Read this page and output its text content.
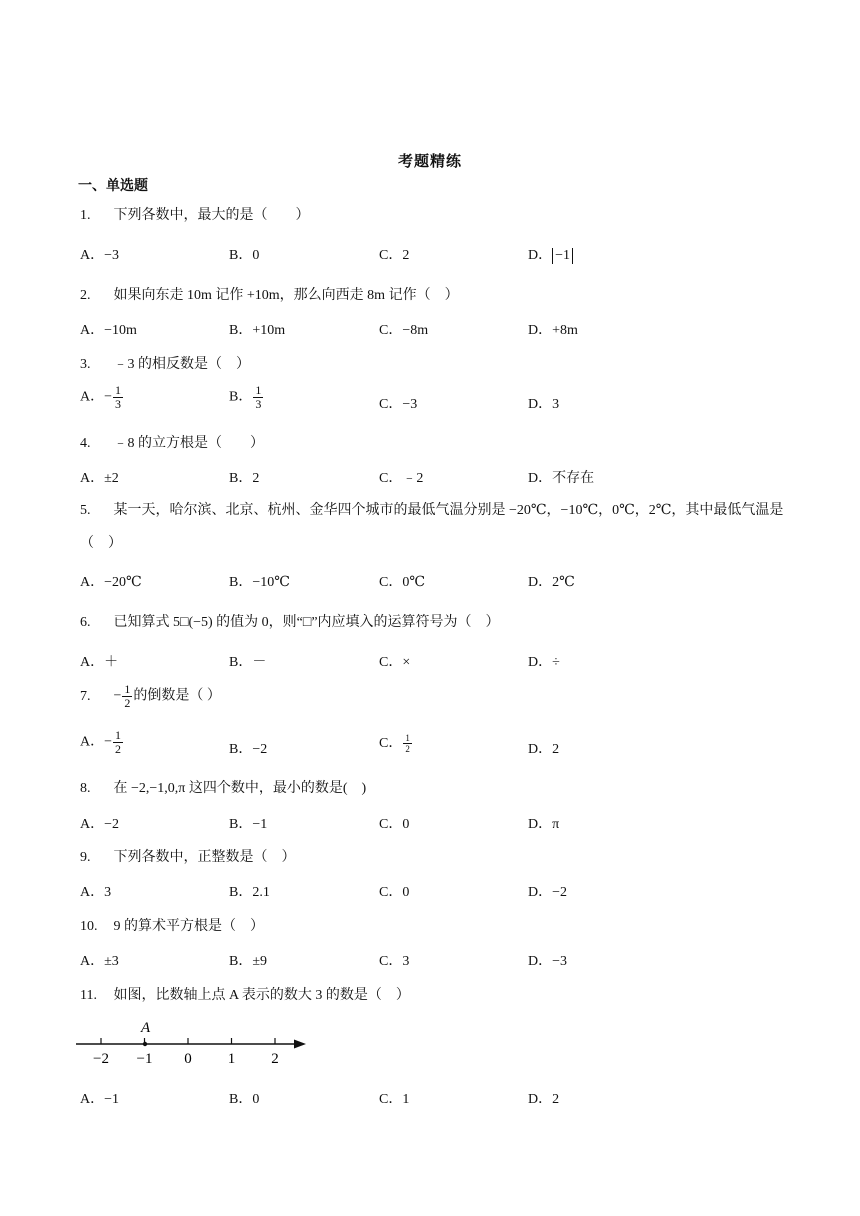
考题精练
一、单选题
1. 下列各数中，最大的是（　　）
A．−3	B．0	C．2	D． −1
2. 如果向东走 10m 记作 +10m，那么向西走 8m 记作（　）
A．−10m	B．+10m	C．−8m	D．+8m
3. ﹣3 的相反数是（　）
A．− $\frac{1}{3}$	B． $\frac{1}{3}$	C．−3	D．3
4. ﹣8 的立方根是（　　）
A．±2	B．2	C．﹣2	D．不存在
5. 某一天，哈尔滨、北京、杭州、金华四个城市的最低气温分别是 −20℃，−10℃，0℃，2℃，其中最低气温是（　）
A．−20℃	B．−10℃	C．0℃	D．2℃
6. 已知算式 5□(−5) 的值为 0，则“□”内应填入的运算符号为（　）
A．＋	B．－	C．×	D．÷
7. − $\frac{1}{2}$ 的倒数是（ ）
A．− $\frac{1}{2}$	B．−2	C． $\frac{1}{2}$	D．2
8. 在 −2,−1,0,π 这四个数中，最小的数是(　)
A．−2	B．−1	C．0	D．π
9. 下列各数中，正整数是（　）
A．3	B．2.1	C．0	D．−2
10. 9 的算术平方根是（　）
A．±3	B．±9	C．3	D．−3
11. 如图，比数轴上点 A 表示的数大 3 的数是（　）
−2 −1 0 1 2
A
A．−1	B．0	C．1	D．2
